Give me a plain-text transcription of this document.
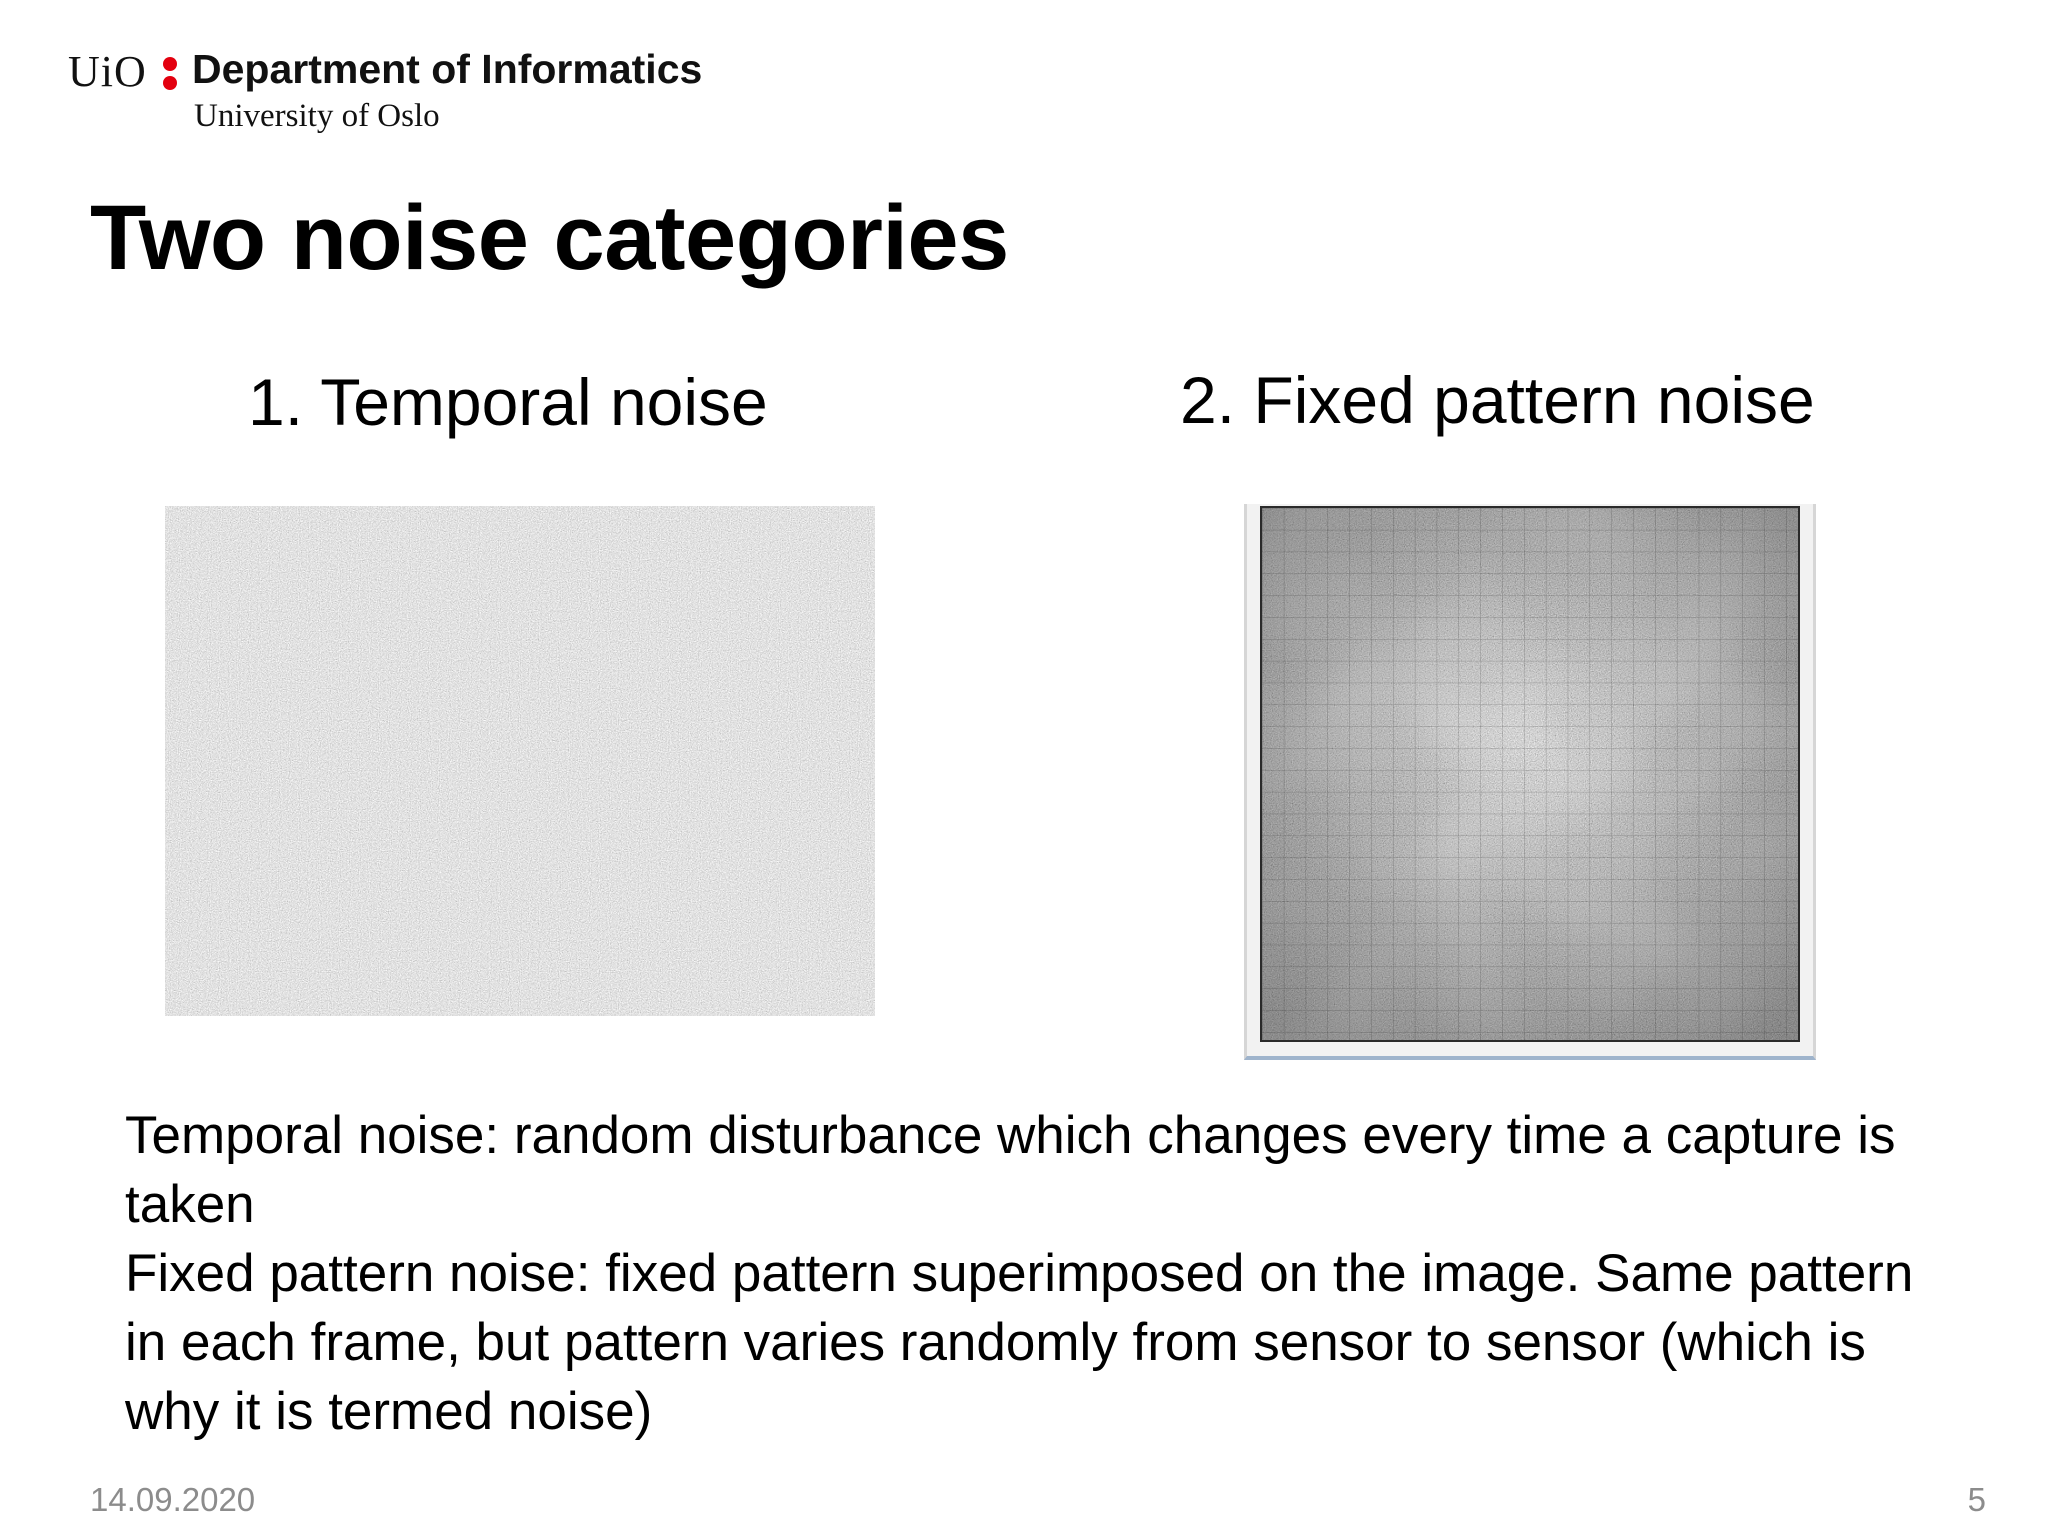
UiO Department of Informatics
University of Oslo
Two noise categories
1. Temporal noise	2. Fixed pattern noise

Temporal noise: random disturbance which changes every time a capture is taken

Fixed pattern noise: fixed pattern superimposed on the image. Same pattern in each frame, but pattern varies randomly from sensor to sensor (which is why it is termed noise)

14.09.2020	5
